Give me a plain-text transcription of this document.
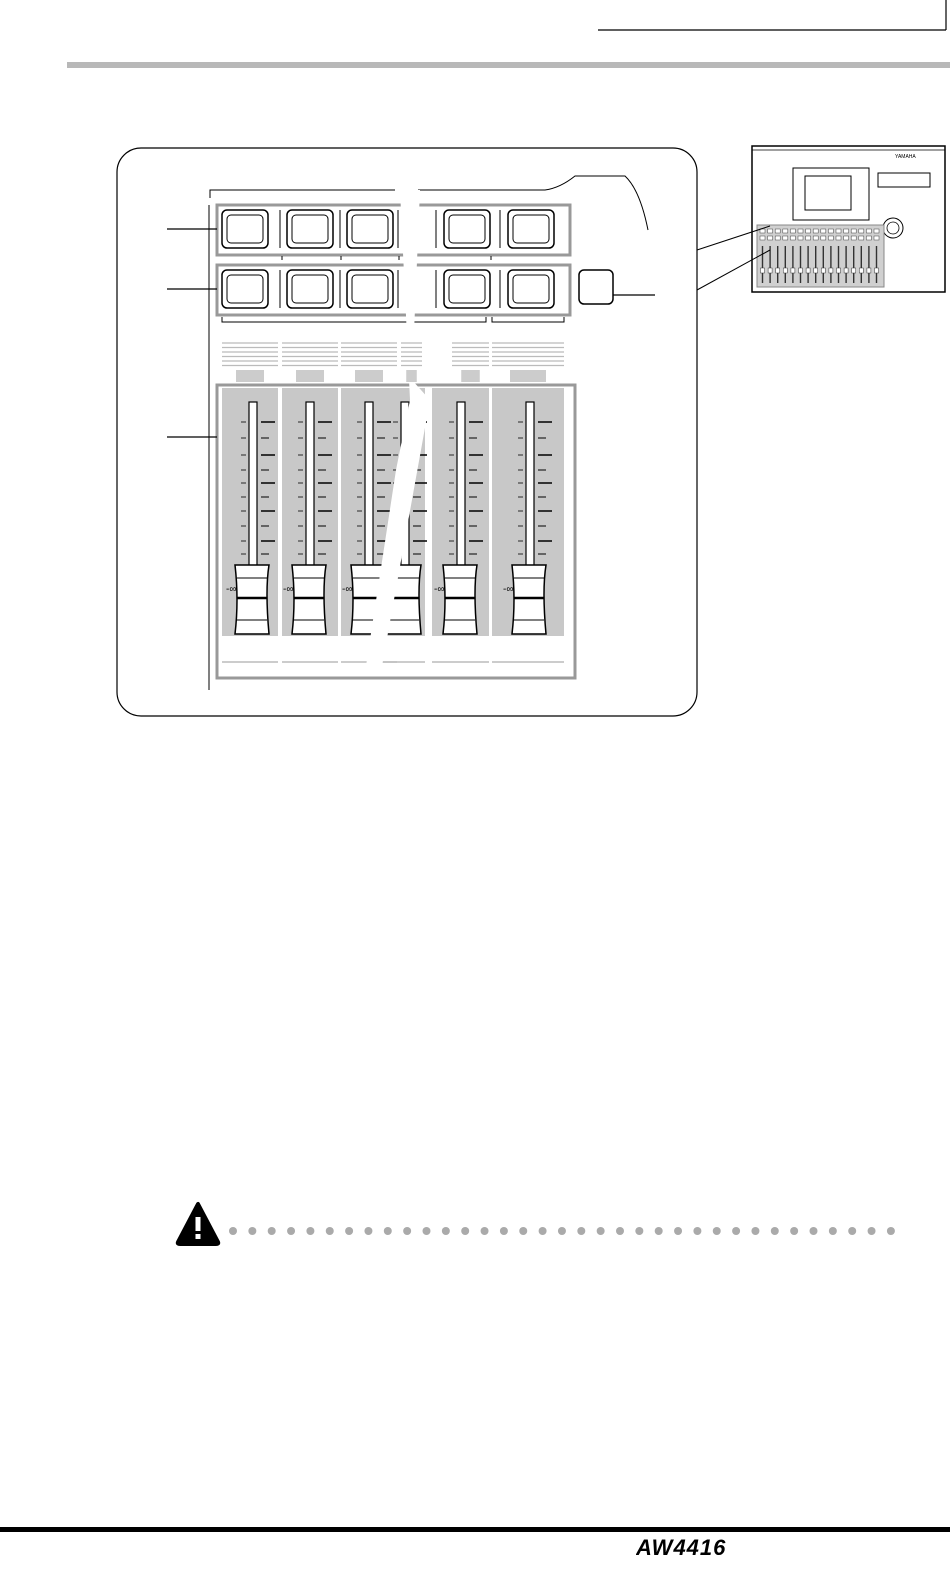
-∞	-∞	-∞	-∞	-∞
YAMAHA
AW4416
